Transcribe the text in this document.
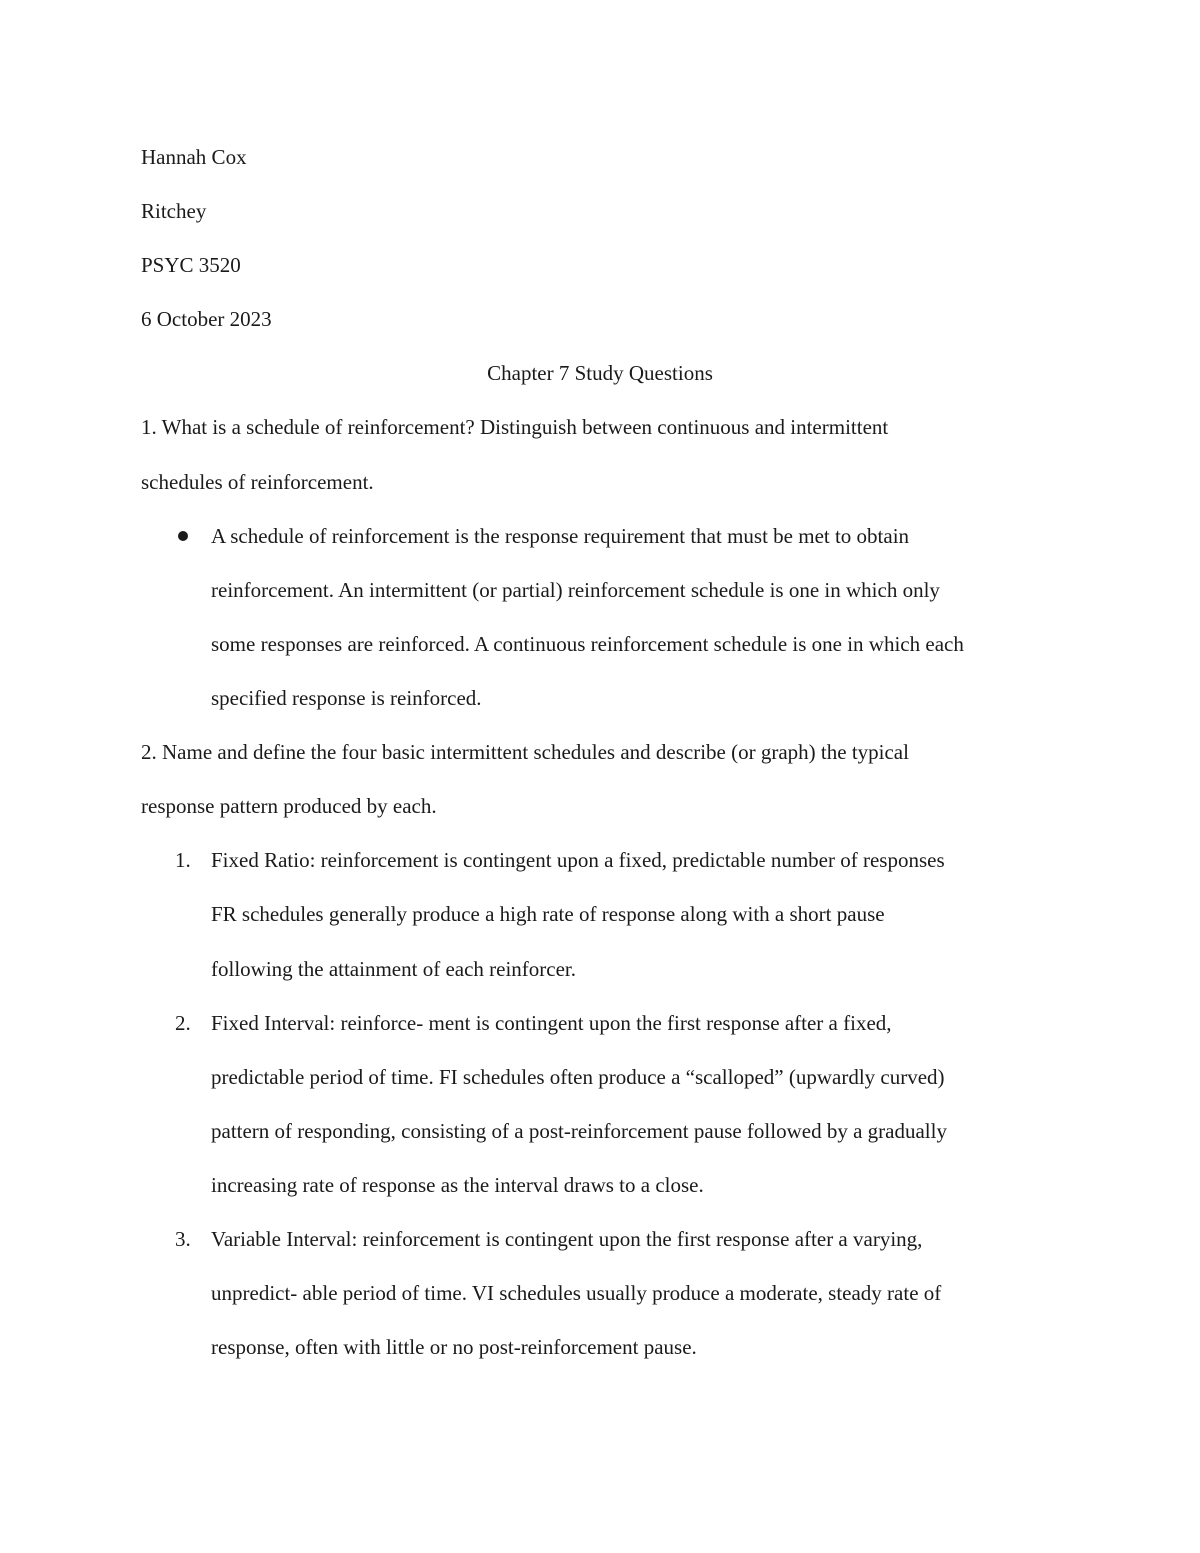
Hannah Cox
Ritchey
PSYC 3520
6 October 2023
Chapter 7 Study Questions
1. What is a schedule of reinforcement? Distinguish between continuous and intermittent
schedules of reinforcement.
A schedule of reinforcement is the response requirement that must be met to obtain
reinforcement. An intermittent (or partial) reinforcement schedule is one in which only
some responses are reinforced. A continuous reinforcement schedule is one in which each
specified response is reinforced.
2. Name and define the four basic intermittent schedules and describe (or graph) the typical
response pattern produced by each.
1. Fixed Ratio: reinforcement is contingent upon a fixed, predictable number of responses
FR schedules generally produce a high rate of response along with a short pause
following the attainment of each reinforcer.
2. Fixed Interval: reinforce- ment is contingent upon the first response after a fixed,
predictable period of time. FI schedules often produce a “scalloped” (upwardly curved)
pattern of responding, consisting of a post-reinforcement pause followed by a gradually
increasing rate of response as the interval draws to a close.
3. Variable Interval: reinforcement is contingent upon the first response after a varying,
unpredict- able period of time. VI schedules usually produce a moderate, steady rate of
response, often with little or no post-reinforcement pause.
